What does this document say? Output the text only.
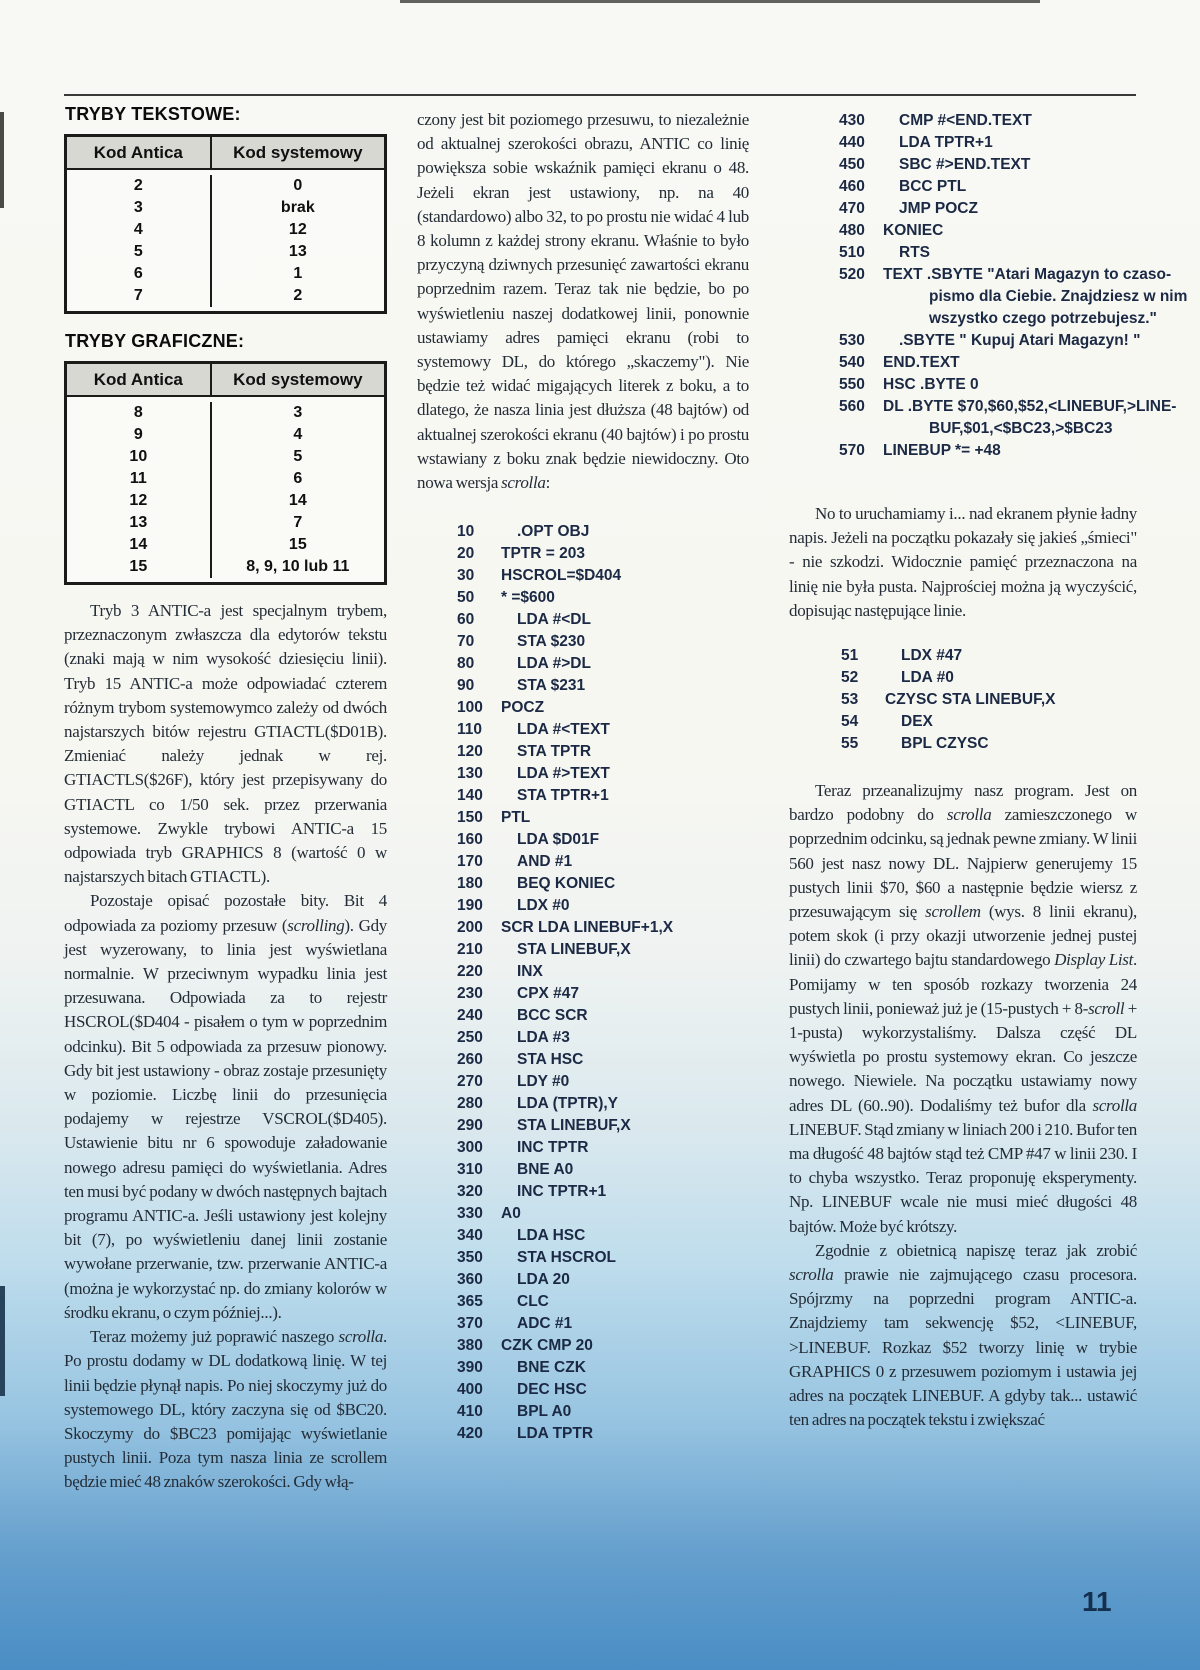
TRYBY TEKSTOWE:
Kod Antica	Kod systemowy
2	0
3	brak
4	12
5	13
6	1
7	2
TRYBY GRAFICZNE:
Kod Antica	Kod systemowy
8	3
9	4
10	5
11	6
12	14
13	7
14	15
15	8, 9, 10 lub 11

Tryb 3 ANTIC-a jest specjalnym trybem, przeznaczonym zwłaszcza dla edytorów tekstu (znaki mają w nim wysokość dziesięciu linii). Tryb 15 ANTIC-a może odpowiadać czterem różnym trybom systemowymco zależy od dwóch najstarszych bitów rejestru GTIACTL($D01B). Zmieniać należy jednak w rej. GTIACTLS($26F), który jest przepisywany do GTIACTL co 1/50 sek. przez przerwania systemowe. Zwykle trybowi ANTIC-a 15 odpowiada tryb GRAPHICS 8 (wartość 0 w najstarszych bitach GTIACTL).

Pozostaje opisać pozostałe bity. Bit 4 odpowiada za poziomy przesuw (scrolling). Gdy jest wyzerowany, to linia jest wyświetlana normalnie. W przeciwnym wypadku linia jest przesuwana. Odpowiada za to rejestr HSCROL($D404 - pisałem o tym w poprzednim odcinku). Bit 5 odpowiada za przesuw pionowy. Gdy bit jest ustawiony - obraz zostaje przesunięty w poziomie. Liczbę linii do przesunięcia podajemy w rejestrze VSCROL($D405). Ustawienie bitu nr 6 spowoduje załadowanie nowego adresu pamięci do wyświetlania. Adres ten musi być podany w dwóch następnych bajtach programu ANTIC-a. Jeśli ustawiony jest kolejny bit (7), po wyświetleniu danej linii zostanie wywołane przerwanie, tzw. przerwanie ANTIC-a (można je wykorzystać np. do zmiany kolorów w środku ekranu, o czym później...).

Teraz możemy już poprawić naszego scrolla. Po prostu dodamy w DL dodatkową linię. W tej linii będzie płynął napis. Po niej skoczymy już do systemowego DL, który zaczyna się od $BC20. Skoczymy do $BC23 pomijając wyświetlanie pustych linii. Poza tym nasza linia ze scrollem będzie mieć 48 znaków szerokości. Gdy włą-

czony jest bit poziomego przesuwu, to niezależnie od aktualnej szerokości obrazu, ANTIC co linię powiększa sobie wskaźnik pamięci ekranu o 48. Jeżeli ekran jest ustawiony, np. na 40 (standardowo) albo 32, to po prostu nie widać 4 lub 8 kolumn z każdej strony ekranu. Właśnie to było przyczyną dziwnych przesunięć zawartości ekranu poprzednim razem. Teraz tak nie będzie, bo po wyświetleniu naszej dodatkowej linii, ponownie ustawiamy adres pamięci ekranu (robi to systemowy DL, do którego „skaczemy"). Nie będzie też widać migających literek z boku, a to dlatego, że nasza linia jest dłuższa (48 bajtów) od aktualnej szerokości ekranu (40 bajtów) i po prostu wstawiany z boku znak będzie niewidoczny. Oto nowa wersja scrolla:

10	.OPT OBJ
20	TPTR = 203
30	HSCROL=$D404
50	* =$600
60	LDA #<DL
70	STA $230
80	LDA #>DL
90	STA $231
100	POCZ
110	LDA #<TEXT
120	STA TPTR
130	LDA #>TEXT
140	STA TPTR+1
150	PTL
160	LDA $D01F
170	AND #1
180	BEQ KONIEC
190	LDX #0
200	SCR LDA LINEBUF+1,X
210	STA LINEBUF,X
220	INX
230	CPX #47
240	BCC SCR
250	LDA #3
260	STA HSC
270	LDY #0
280	LDA (TPTR),Y
290	STA LINEBUF,X
300	INC TPTR
310	BNE A0
320	INC TPTR+1
330	A0
340	LDA HSC
350	STA HSCROL
360	LDA 20
365	CLC
370	ADC #1
380	CZK CMP 20
390	BNE CZK
400	DEC HSC
410	BPL A0
420	LDA TPTR
430	CMP #<END.TEXT
440	LDA TPTR+1
450	SBC #>END.TEXT
460	BCC PTL
470	JMP POCZ
480	KONIEC
510	RTS
520	TEXT .SBYTE "Atari Magazyn to czaso-
pismo dla Ciebie. Znajdziesz w nim
wszystko czego potrzebujesz."
530	.SBYTE " Kupuj Atari Magazyn! "
540	END.TEXT
550	HSC .BYTE 0
560	DL .BYTE $70,$60,$52,<LINEBUF,>LINE-
BUF,$01,<$BC23,>$BC23
570	LINEBUP *= +48

No to uruchamiamy i... nad ekranem płynie ładny napis. Jeżeli na początku pokazały się jakieś „śmieci" - nie szkodzi. Widocznie pamięć przeznaczona na linię nie była pusta. Najprościej można ją wyczyścić, dopisując następujące linie.

51	LDX #47
52	LDA #0
53	CZYSC STA LINEBUF,X
54	DEX
55	BPL CZYSC

Teraz przeanalizujmy nasz program. Jest on bardzo podobny do scrolla zamieszczonego w poprzednim odcinku, są jednak pewne zmiany. W linii 560 jest nasz nowy DL. Najpierw generujemy 15 pustych linii $70, $60 a następnie będzie wiersz z przesuwającym się scrollem (wys. 8 linii ekranu), potem skok (i przy okazji utworzenie jednej pustej linii) do czwartego bajtu standardowego Display List. Pomijamy w ten sposób rozkazy tworzenia 24 pustych linii, ponieważ już je (15-pustych + 8-scroll + 1-pusta) wykorzystaliśmy. Dalsza część DL wyświetla po prostu systemowy ekran. Co jeszcze nowego. Niewiele. Na początku ustawiamy nowy adres DL (60..90). Dodaliśmy też bufor dla scrolla LINEBUF. Stąd zmiany w liniach 200 i 210. Bufor ten ma długość 48 bajtów stąd też CMP #47 w linii 230. I to chyba wszystko. Teraz proponuję eksperymenty. Np. LINEBUF wcale nie musi mieć długości 48 bajtów. Może być krótszy.

Zgodnie z obietnicą napiszę teraz jak zrobić scrolla prawie nie zajmującego czasu procesora. Spójrzmy na poprzedni program ANTIC-a. Znajdziemy tam sekwencję $52, <LINEBUF, >LINEBUF. Rozkaz $52 tworzy linię w trybie GRAPHICS 0 z przesuwem poziomym i ustawia jej adres na początek LINEBUF. A gdyby tak... ustawić ten adres na początek tekstu i zwiększać

11
